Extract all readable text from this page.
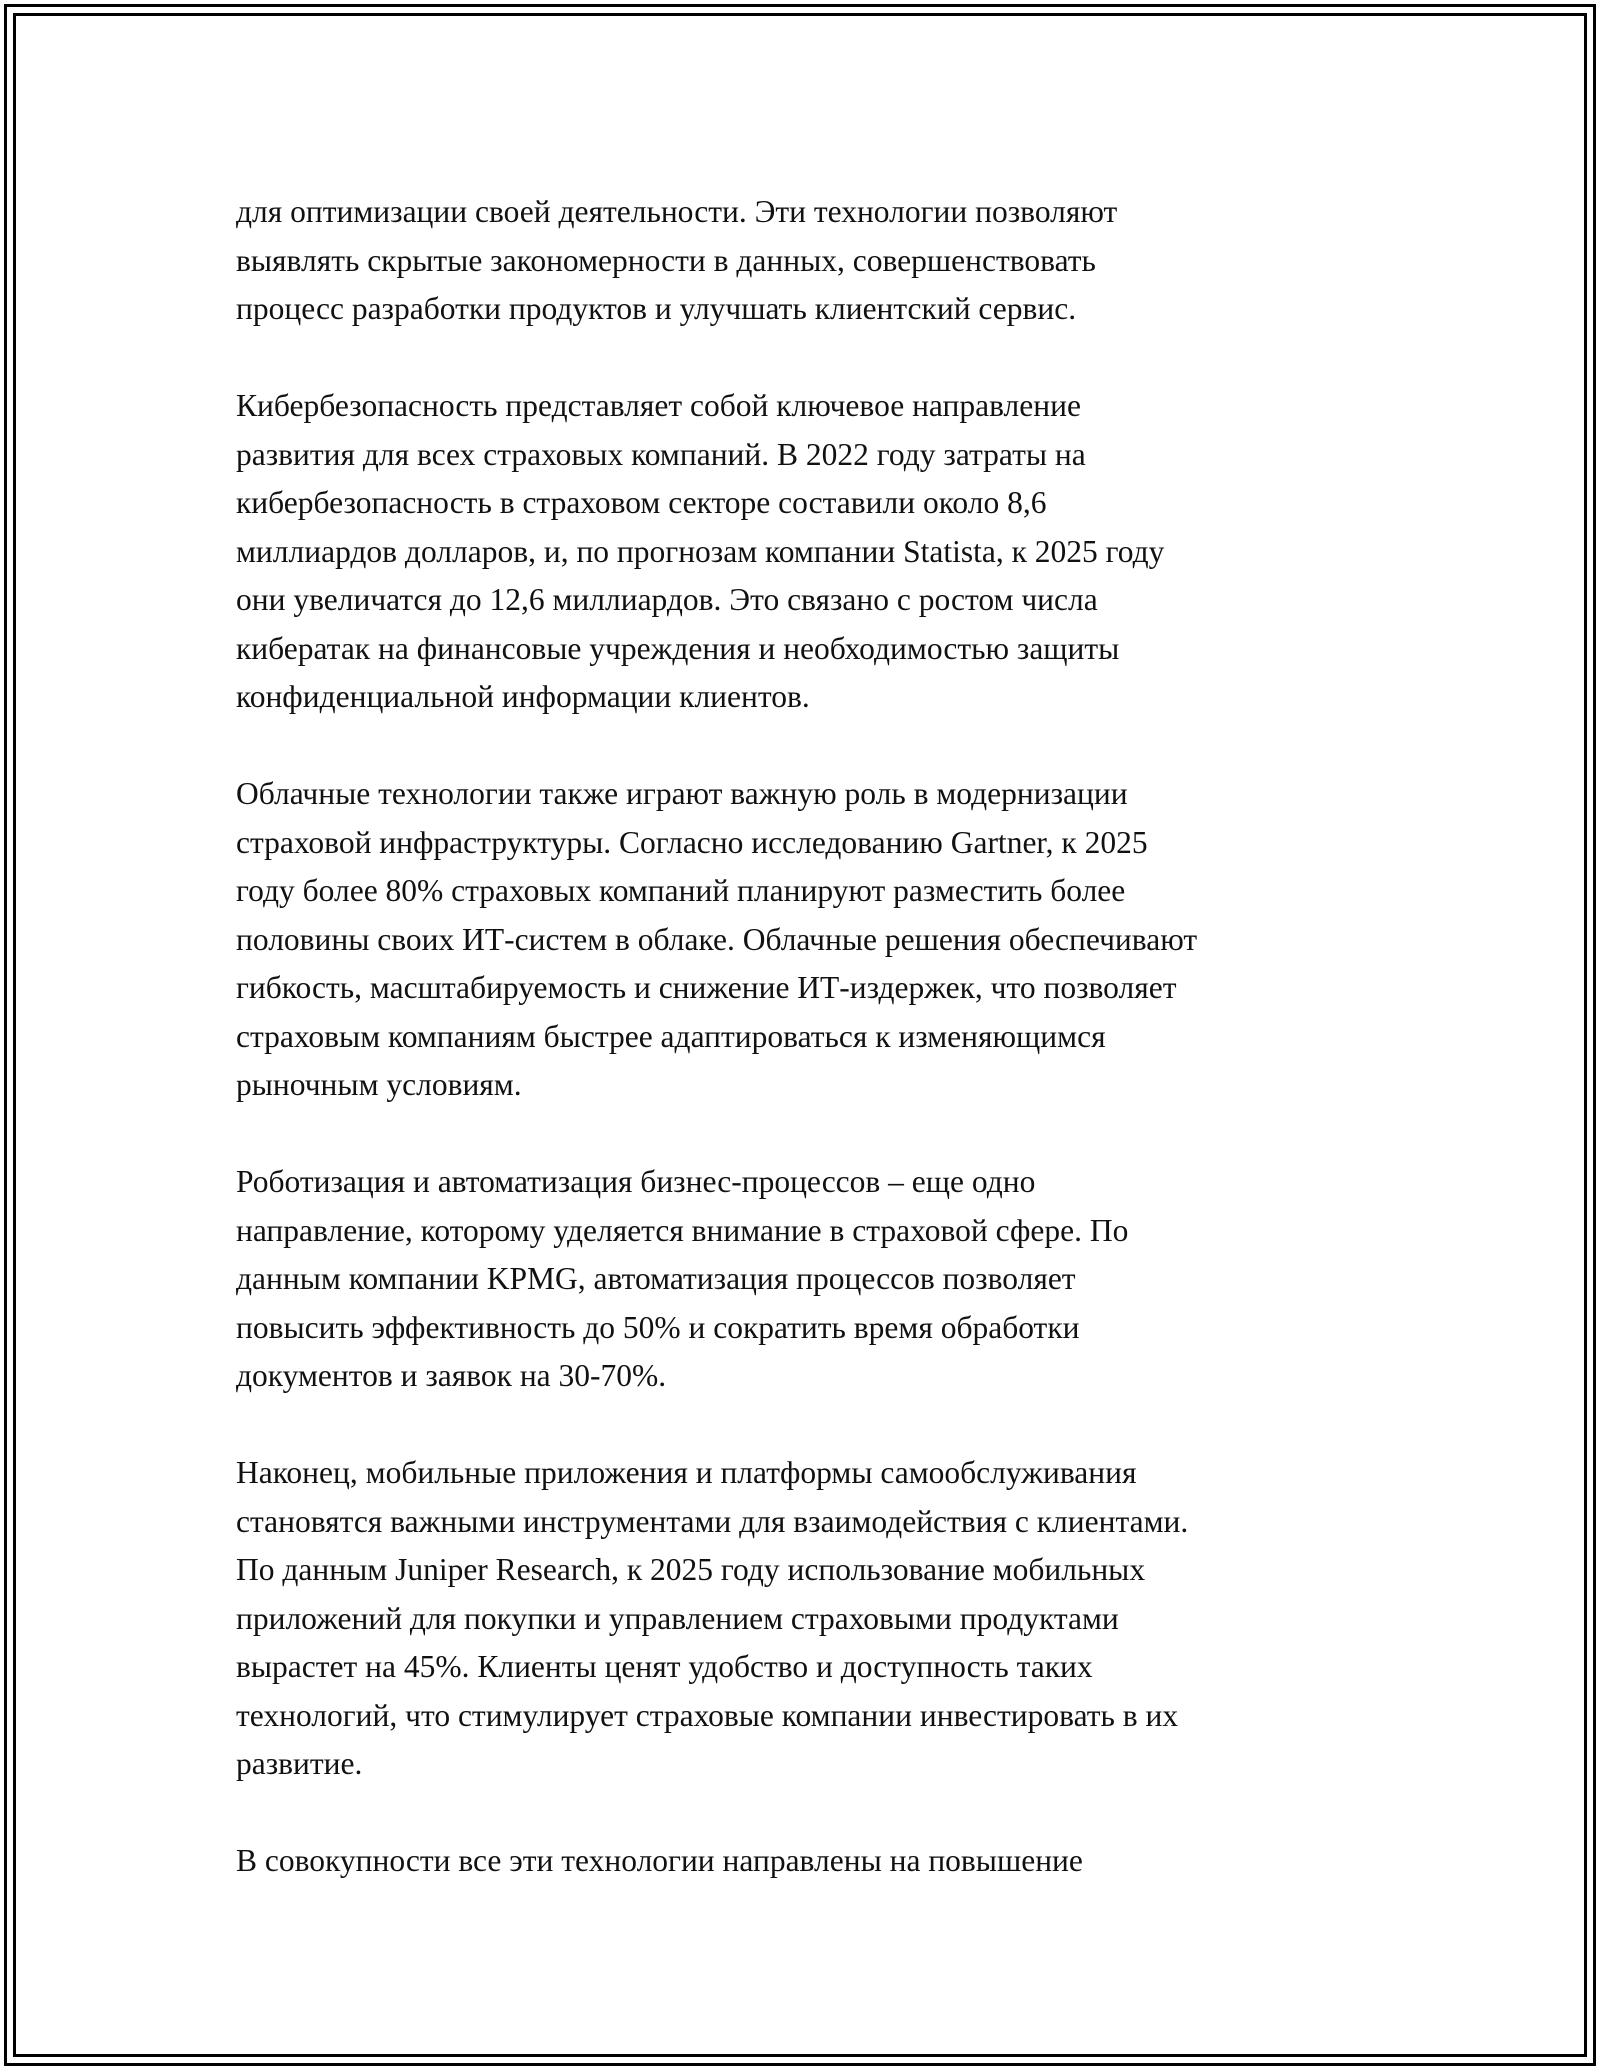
для оптимизации своей деятельности. Эти технологии позволяют
выявлять скрытые закономерности в данных, совершенствовать
процесс разработки продуктов и улучшать клиентский сервис.

Кибербезопасность представляет собой ключевое направление
развития для всех страховых компаний. В 2022 году затраты на
кибербезопасность в страховом секторе составили около 8,6
миллиардов долларов, и, по прогнозам компании Statista, к 2025 году
они увеличатся до 12,6 миллиардов. Это связано с ростом числа
кибератак на финансовые учреждения и необходимостью защиты
конфиденциальной информации клиентов.

Облачные технологии также играют важную роль в модернизации
страховой инфраструктуры. Согласно исследованию Gartner, к 2025
году более 80% страховых компаний планируют разместить более
половины своих ИТ-систем в облаке. Облачные решения обеспечивают
гибкость, масштабируемость и снижение ИТ-издержек, что позволяет
страховым компаниям быстрее адаптироваться к изменяющимся
рыночным условиям.

Роботизация и автоматизация бизнес-процессов – еще одно
направление, которому уделяется внимание в страховой сфере. По
данным компании KPMG, автоматизация процессов позволяет
повысить эффективность до 50% и сократить время обработки
документов и заявок на 30-70%.

Наконец, мобильные приложения и платформы самообслуживания
становятся важными инструментами для взаимодействия с клиентами.
По данным Juniper Research, к 2025 году использование мобильных
приложений для покупки и управлением страховыми продуктами
вырастет на 45%. Клиенты ценят удобство и доступность таких
технологий, что стимулирует страховые компании инвестировать в их
развитие.

В совокупности все эти технологии направлены на повышение
